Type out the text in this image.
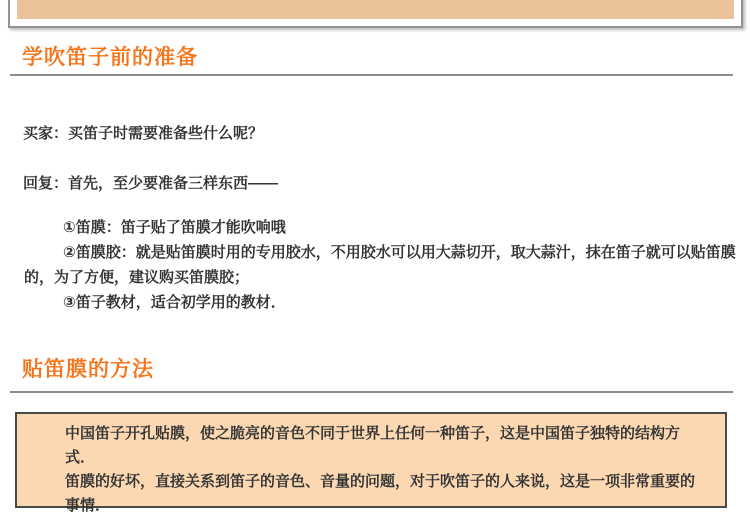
学吹笛子前的准备

买家：买笛子时需要准备些什么呢？

回复：首先，至少要准备三样东西——

①笛膜：笛子贴了笛膜才能吹响哦

②笛膜胶：就是贴笛膜时用的专用胶水，不用胶水可以用大蒜切开，取大蒜汁，抹在笛子就可以贴笛膜的，为了方便，建议购买笛膜胶；

③笛子教材，适合初学用的教材．

贴笛膜的方法

中国笛子开孔贴膜，使之脆亮的音色不同于世界上任何一种笛子，这是中国笛子独特的结构方式．

笛膜的好坏，直接关系到笛子的音色、音量的问题，对于吹笛子的人来说，这是一项非常重要的事情．
